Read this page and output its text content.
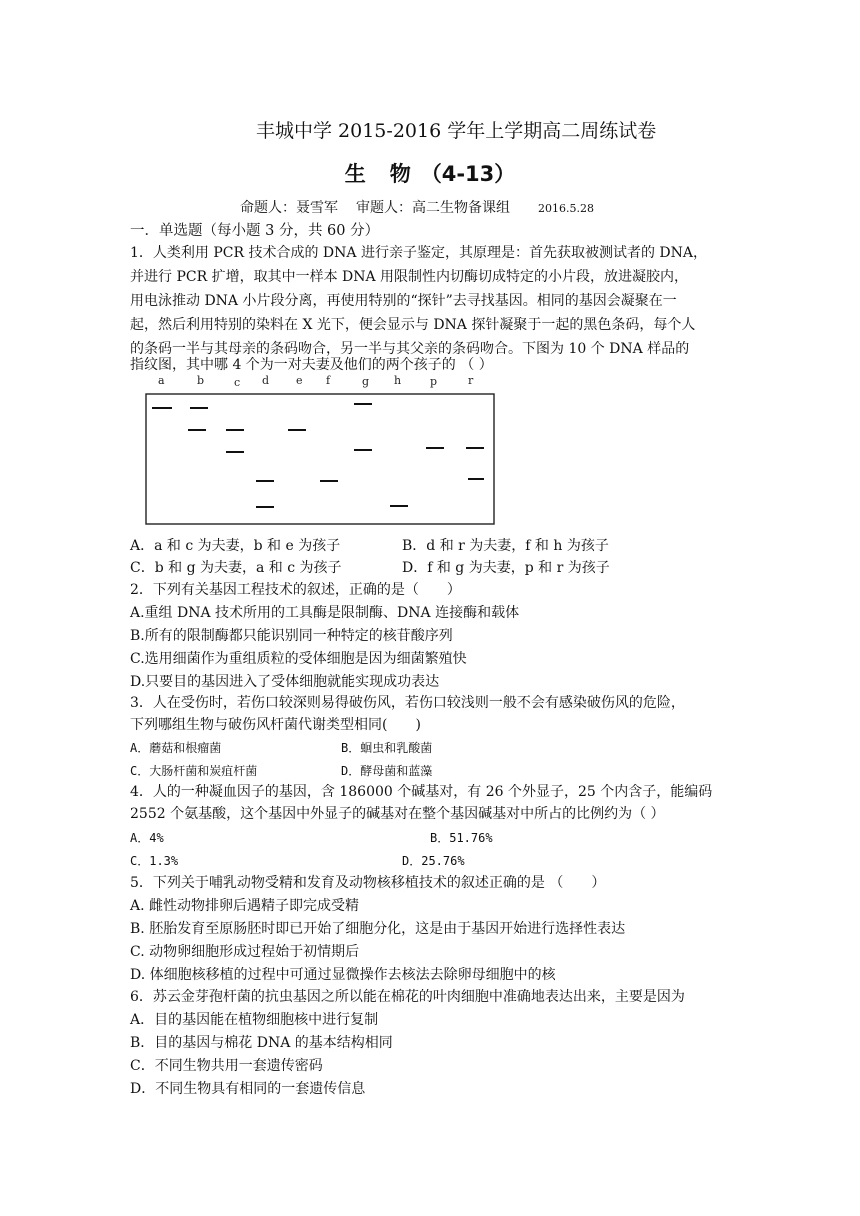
丰城中学 2015-2016 学年上学期高二周练试卷
生 物 （4-13）
命题人：聂雪军 审题人：高二生物备课组	2016.5.28
一．单选题（每小题 3 分，共 60 分）
1．人类利用 PCR 技术合成的 DNA 进行亲子鉴定，其原理是：首先获取被测试者的 DNA，
并进行 PCR 扩增，取其中一样本 DNA 用限制性内切酶切成特定的小片段，放进凝胶内，
用电泳推动 DNA 小片段分离，再使用特别的“探针”去寻找基因。相同的基因会凝聚在一
起，然后利用特别的染料在 X 光下，便会显示与 DNA 探针凝聚于一起的黑色条码，每个人
的条码一半与其母亲的条码吻合，另一半与其父亲的条码吻合。下图为 10 个 DNA 样品的
指纹图，其中哪 4 个为一对夫妻及他们的两个孩子的 （ ）
a	b	c d e f	g h	p	r
A．a 和 c 为夫妻，b 和 e 为孩子	B．d 和 r 为夫妻，f 和 h 为孩子
C．b 和 g 为夫妻，a 和 c 为孩子	D．f 和 g 为夫妻，p 和 r 为孩子
2．下列有关基因工程技术的叙述，正确的是（　　）
A.重组 DNA 技术所用的工具酶是限制酶、DNA 连接酶和载体
B.所有的限制酶都只能识别同一种特定的核苷酸序列
C.选用细菌作为重组质粒的受体细胞是因为细菌繁殖快
D.只要目的基因进入了受体细胞就能实现成功表达
3．人在受伤时，若伤口较深则易得破伤风，若伤口较浅则一般不会有感染破伤风的危险，
下列哪组生物与破伤风杆菌代谢类型相同(　　)
A．蘑菇和根瘤菌	B．蛔虫和乳酸菌
C．大肠杆菌和炭疽杆菌	D．酵母菌和蓝藻
4．人的一种凝血因子的基因，含 186000 个碱基对，有 26 个外显子，25 个内含子，能编码
2552 个氨基酸，这个基因中外显子的碱基对在整个基因碱基对中所占的比例约为（ ）
A．4%	B．51.76%
C．1.3%	D．25.76%
5．下列关于哺乳动物受精和发育及动物核移植技术的叙述正确的是 （　　）
A. 雌性动物排卵后遇精子即完成受精
B. 胚胎发育至原肠胚时即已开始了细胞分化，这是由于基因开始进行选择性表达
C. 动物卵细胞形成过程始于初情期后
D. 体细胞核移植的过程中可通过显微操作去核法去除卵母细胞中的核
6．苏云金芽孢杆菌的抗虫基因之所以能在棉花的叶肉细胞中准确地表达出来，主要是因为
A．目的基因能在植物细胞核中进行复制
B．目的基因与棉花 DNA 的基本结构相同
C．不同生物共用一套遗传密码
D．不同生物具有相同的一套遗传信息
